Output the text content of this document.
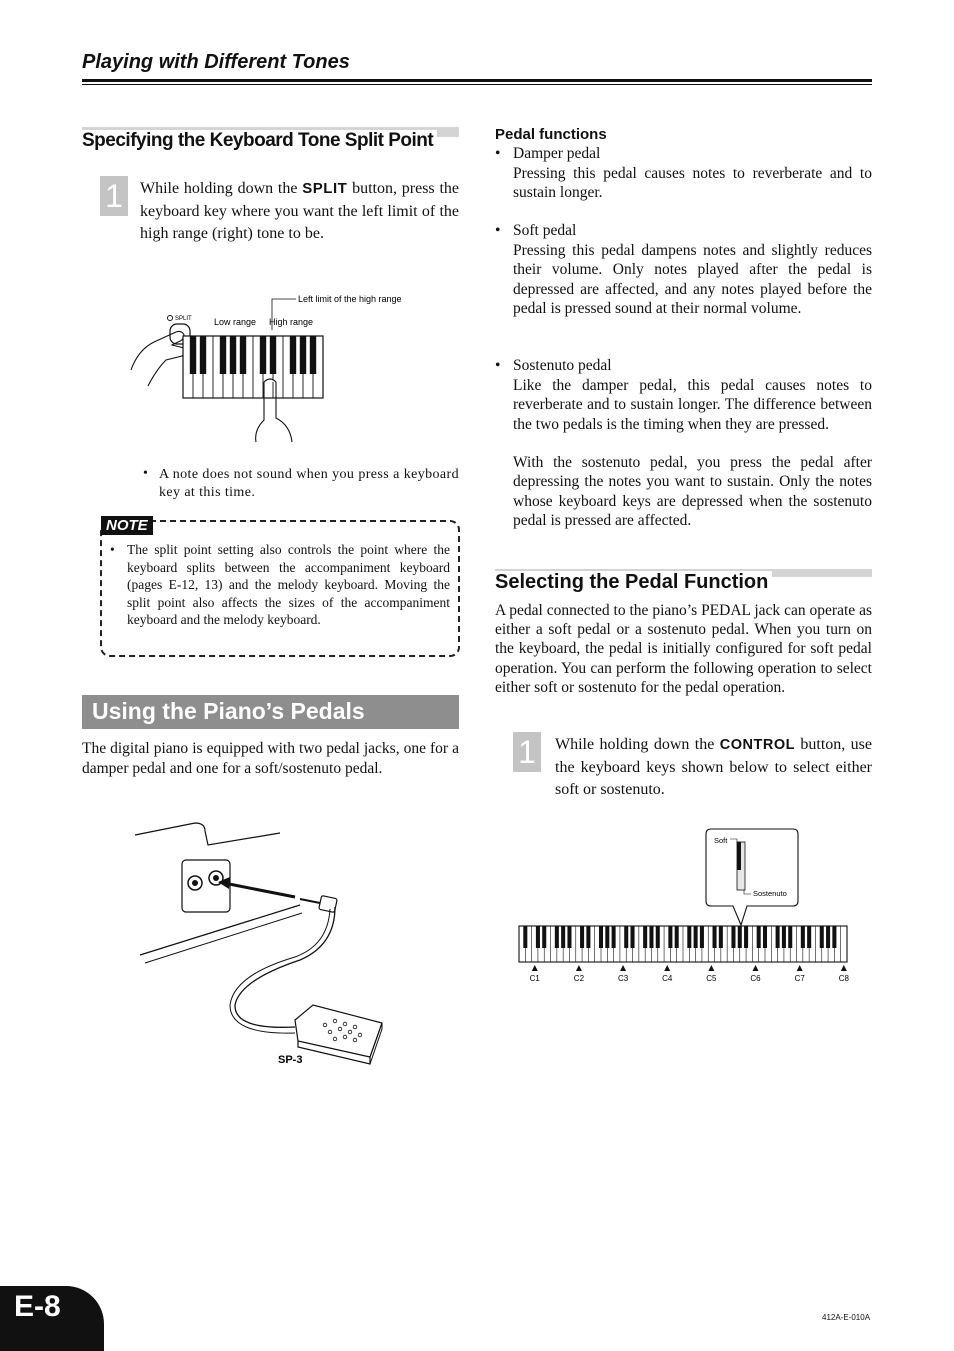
Playing with Different Tones
Specifying the Keyboard Tone Split Point
1	While holding down the SPLIT button, press the keyboard key where you want the left limit of the high range (right) tone to be.
SPLIT Low range High range
Left limit of the high range
• A note does not sound when you press a keyboard key at this time.
NOTE
• The split point setting also controls the point where the keyboard splits between the accompaniment keyboard (pages E-12, 13) and the melody keyboard. Moving the split point also affects the sizes of the accompaniment keyboard and the melody keyboard.
Using the Piano’s Pedals
The digital piano is equipped with two pedal jacks, one for a damper pedal and one for a soft/sostenuto pedal.
SP-3
Pedal functions
• Damper pedal
Pressing this pedal causes notes to reverberate and to sustain longer.
• Soft pedal
Pressing this pedal dampens notes and slightly reduces their volume. Only notes played after the pedal is depressed are affected, and any notes played before the pedal is pressed sound at their normal volume.
• Sostenuto pedal
Like the damper pedal, this pedal causes notes to reverberate and to sustain longer. The difference between the two pedals is the timing when they are pressed.
With the sostenuto pedal, you press the pedal after depressing the notes you want to sustain. Only the notes whose keyboard keys are depressed when the sostenuto pedal is pressed are affected.
Selecting the Pedal Function
A pedal connected to the piano’s PEDAL jack can operate as either a soft pedal or a sostenuto pedal. When you turn on the keyboard, the pedal is initially configured for soft pedal operation. You can perform the following operation to select either soft or sostenuto for the pedal operation.
1	While holding down the CONTROL button, use the keyboard keys shown below to select either soft or sostenuto.
Soft
Sostenuto
C1	C2	C3	C4	C5	C6	C7	C8
E-8	412A-E-010A
